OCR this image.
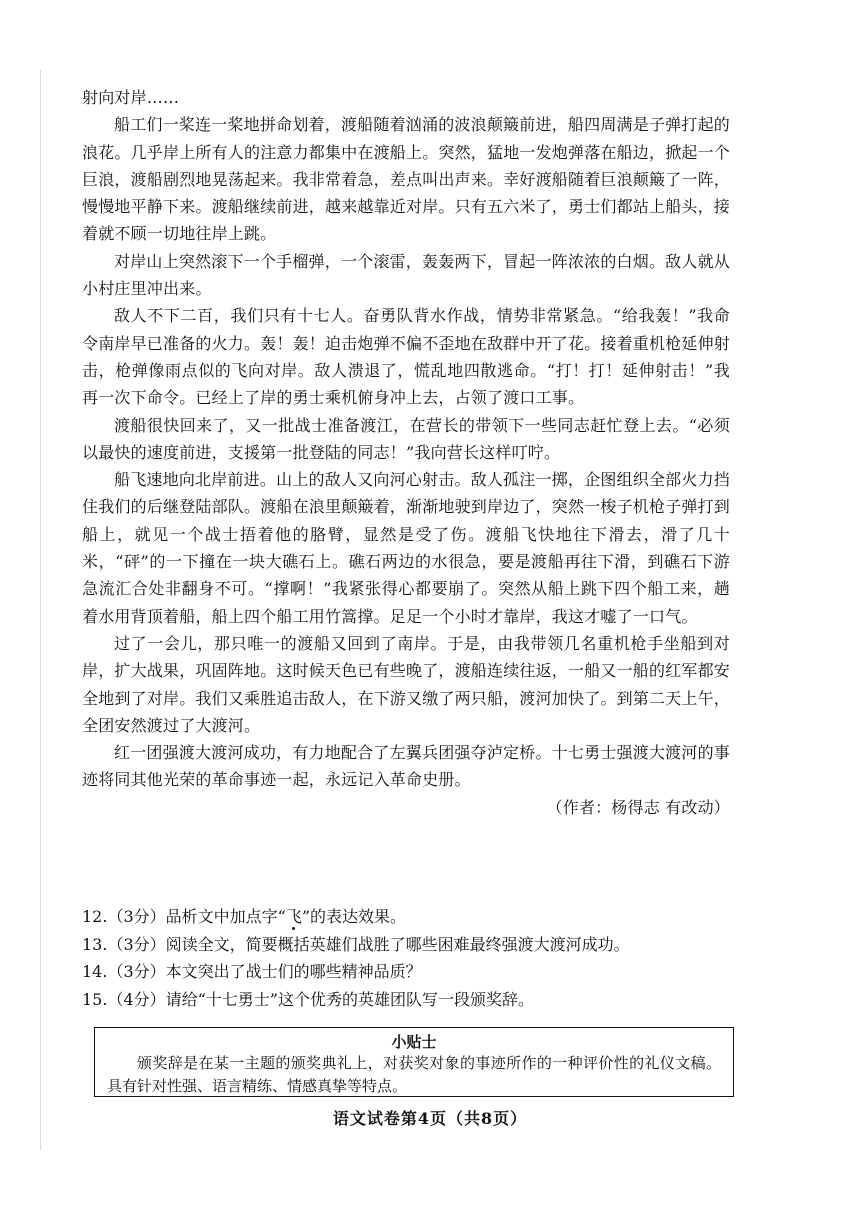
射向对岸……

船工们一桨连一桨地拼命划着，渡船随着汹涌的波浪颠簸前进，船四周满是子弹打起的浪花。几乎岸上所有人的注意力都集中在渡船上。突然，猛地一发炮弹落在船边，掀起一个巨浪，渡船剧烈地晃荡起来。我非常着急，差点叫出声来。幸好渡船随着巨浪颠簸了一阵，慢慢地平静下来。渡船继续前进，越来越靠近对岸。只有五六米了，勇士们都站上船头，接着就不顾一切地往岸上跳。

对岸山上突然滚下一个手榴弹，一个滚雷，轰轰两下，冒起一阵浓浓的白烟。敌人就从小村庄里冲出来。

敌人不下二百，我们只有十七人。奋勇队背水作战，情势非常紧急。“给我轰！”我命令南岸早已准备的火力。轰！轰！迫击炮弹不偏不歪地在敌群中开了花。接着重机枪延伸射击，枪弹像雨点似的飞向对岸。敌人溃退了，慌乱地四散逃命。“打！打！延伸射击！”我再一次下命令。已经上了岸的勇士乘机俯身冲上去，占领了渡口工事。

渡船很快回来了，又一批战士准备渡江，在营长的带领下一些同志赶忙登上去。“必须以最快的速度前进，支援第一批登陆的同志！”我向营长这样叮咛。

船飞速地向北岸前进。山上的敌人又向河心射击。敌人孤注一掷，企图组织全部火力挡住我们的后继登陆部队。渡船在浪里颠簸着，渐渐地驶到岸边了，突然一梭子机枪子弹打到船上，就见一个战士捂着他的胳臂，显然是受了伤。渡船飞快地往下滑去，滑了几十米，“砰”的一下撞在一块大礁石上。礁石两边的水很急，要是渡船再往下滑，到礁石下游急流汇合处非翻身不可。“撑啊！”我紧张得心都要崩了。突然从船上跳下四个船工来，趟着水用背顶着船，船上四个船工用竹篙撑。足足一个小时才靠岸，我这才嘘了一口气。

过了一会儿，那只唯一的渡船又回到了南岸。于是，由我带领几名重机枪手坐船到对岸，扩大战果，巩固阵地。这时候天色已有些晚了，渡船连续往返，一船又一船的红军都安全地到了对岸。我们又乘胜追击敌人，在下游又缴了两只船，渡河加快了。到第二天上午，全团安然渡过了大渡河。

红一团强渡大渡河成功，有力地配合了左翼兵团强夺泸定桥。十七勇士强渡大渡河的事迹将同其他光荣的革命事迹一起，永远记入革命史册。

（作者：杨得志 有改动）

12.（3分）品析文中加点字“飞”的表达效果。

13.（3分）阅读全文，简要概括英雄们战胜了哪些困难最终强渡大渡河成功。

14.（3分）本文突出了战士们的哪些精神品质？

15.（4分）请给“十七勇士”这个优秀的英雄团队写一段颁奖辞。

小贴士
颁奖辞是在某一主题的颁奖典礼上，对获奖对象的事迹所作的一种评价性的礼仪文稿。具有针对性强、语言精练、情感真挚等特点。
语文试卷第4页（共8页）
